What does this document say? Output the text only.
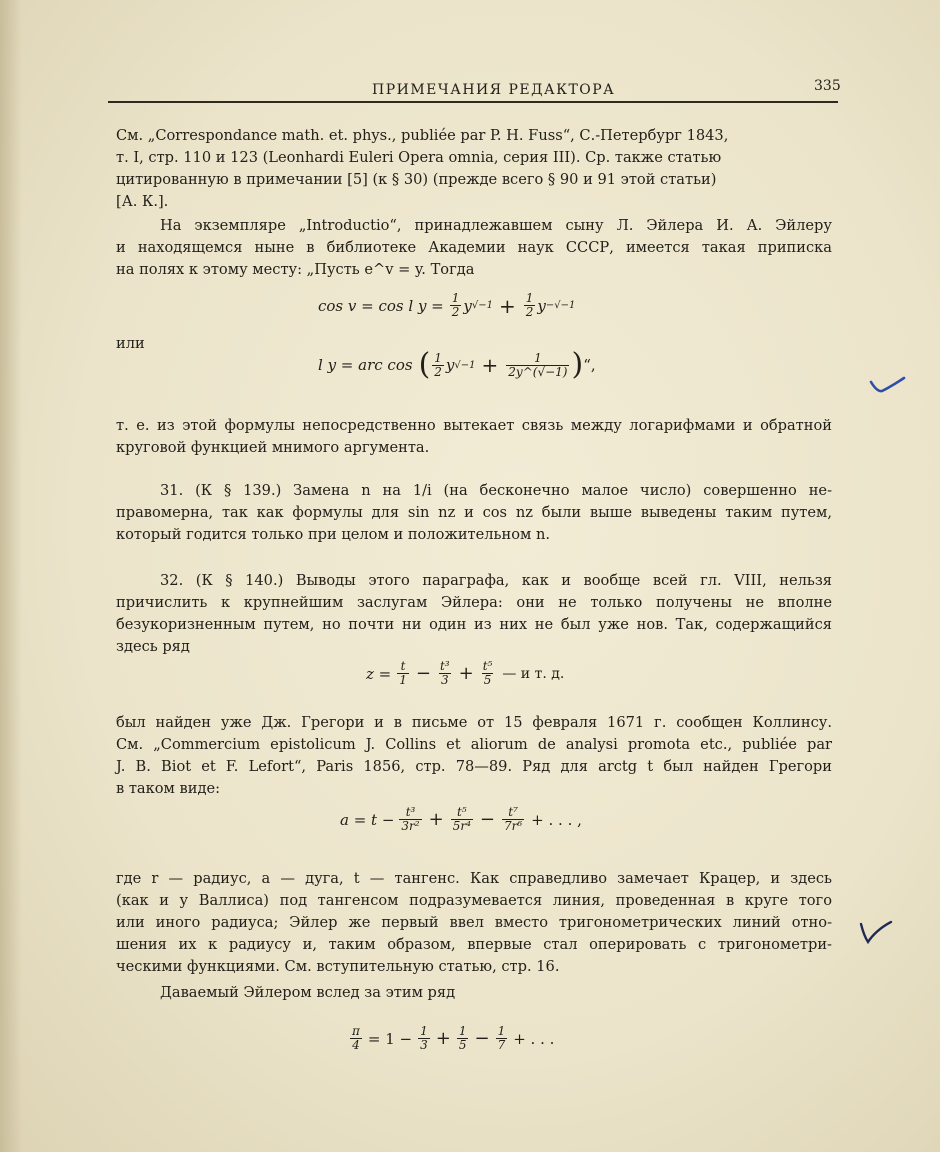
ПРИМЕЧАНИЯ РЕДАКТОРА	335
См. „Correspondance math. et. phys., publiée par P. H. Fuss“, С.-Петербург 1843,
т. I, стр. 110 и 123 (Leonhardi Euleri Opera omnia, серия III). Ср. также статью
цитированную в примечании [5] (к § 30) (прежде всего § 90 и 91 этой статьи)
[А. К.].
На экземпляре „Introductio“, принадлежавшем сыну Л. Эйлера И. А. Эйлеру
и находящемся ныне в библиотеке Академии наук СССР, имеется такая приписка
на полях к этому месту: „Пусть e^v = y. Тогда
cos v = cos l $y = \frac{1}{2}$ y $√-1 + \frac{1}{2}$ y −√−1
или
l y = arc cos ( $\frac{1}{2}$ y $√-1 + \frac{1}{2y\^{}(√-1)}$ ) “,
т. е. из этой формулы непосредственно вытекает связь между логарифмами и обратной
круговой функцией мнимого аргумента.
31. (К § 139.) Замена n на 1/i (на бесконечно малое число) совершенно не-
правомерна, так как формулы для sin nz и cos nz были выше выведены таким путем,
который годится только при целом и положительном n.
32. (К § 140.) Выводы этого параграфа, как и вообще всей гл. VIII, нельзя
причислить к крупнейшим заслугам Эйлера: они не только получены не вполне
безукоризненным путем, но почти ни один из них не был уже нов. Так, содержащийся
здесь ряд
$z = \frac{t}{1} - \frac{\text{t³}}{3} + \frac{\text{t⁵}}{5}$ — и т. д.
был найден уже Дж. Грегори и в письме от 15 февраля 1671 г. сообщен Коллинсу.
См. „Commercium epistolicum J. Collins et aliorum de analysi promota etc., publiée par
J. B. Biot et F. Lefort“, Paris 1856, стр. 78—89. Ряд для arctg t был найден Грегори
в таком виде:
$a = t - \frac{\text{t³}}{\text{3r²}} + \frac{\text{t⁵}}{\text{5r⁴}} - \frac{\text{t⁷}}{\text{7r⁶}}$ + . . . ,
где r — радиус, a — дуга, t — тангенс. Как справедливо замечает Крацер, и здесь
(как и у Валлиса) под тангенсом подразумевается линия, проведенная в круге того
или иного радиуса; Эйлер же первый ввел вместо тригонометрических линий отно-
шения их к радиусу и, таким образом, впервые стал оперировать с тригонометри-
ческими функциями. См. вступительную статью, стр. 16.
Даваемый Эйлером вслед за этим ряд
$\frac{\pi}{4} = 1 - \frac{1}{3} + \frac{1}{5} - \frac{1}{7}$ + . . .
